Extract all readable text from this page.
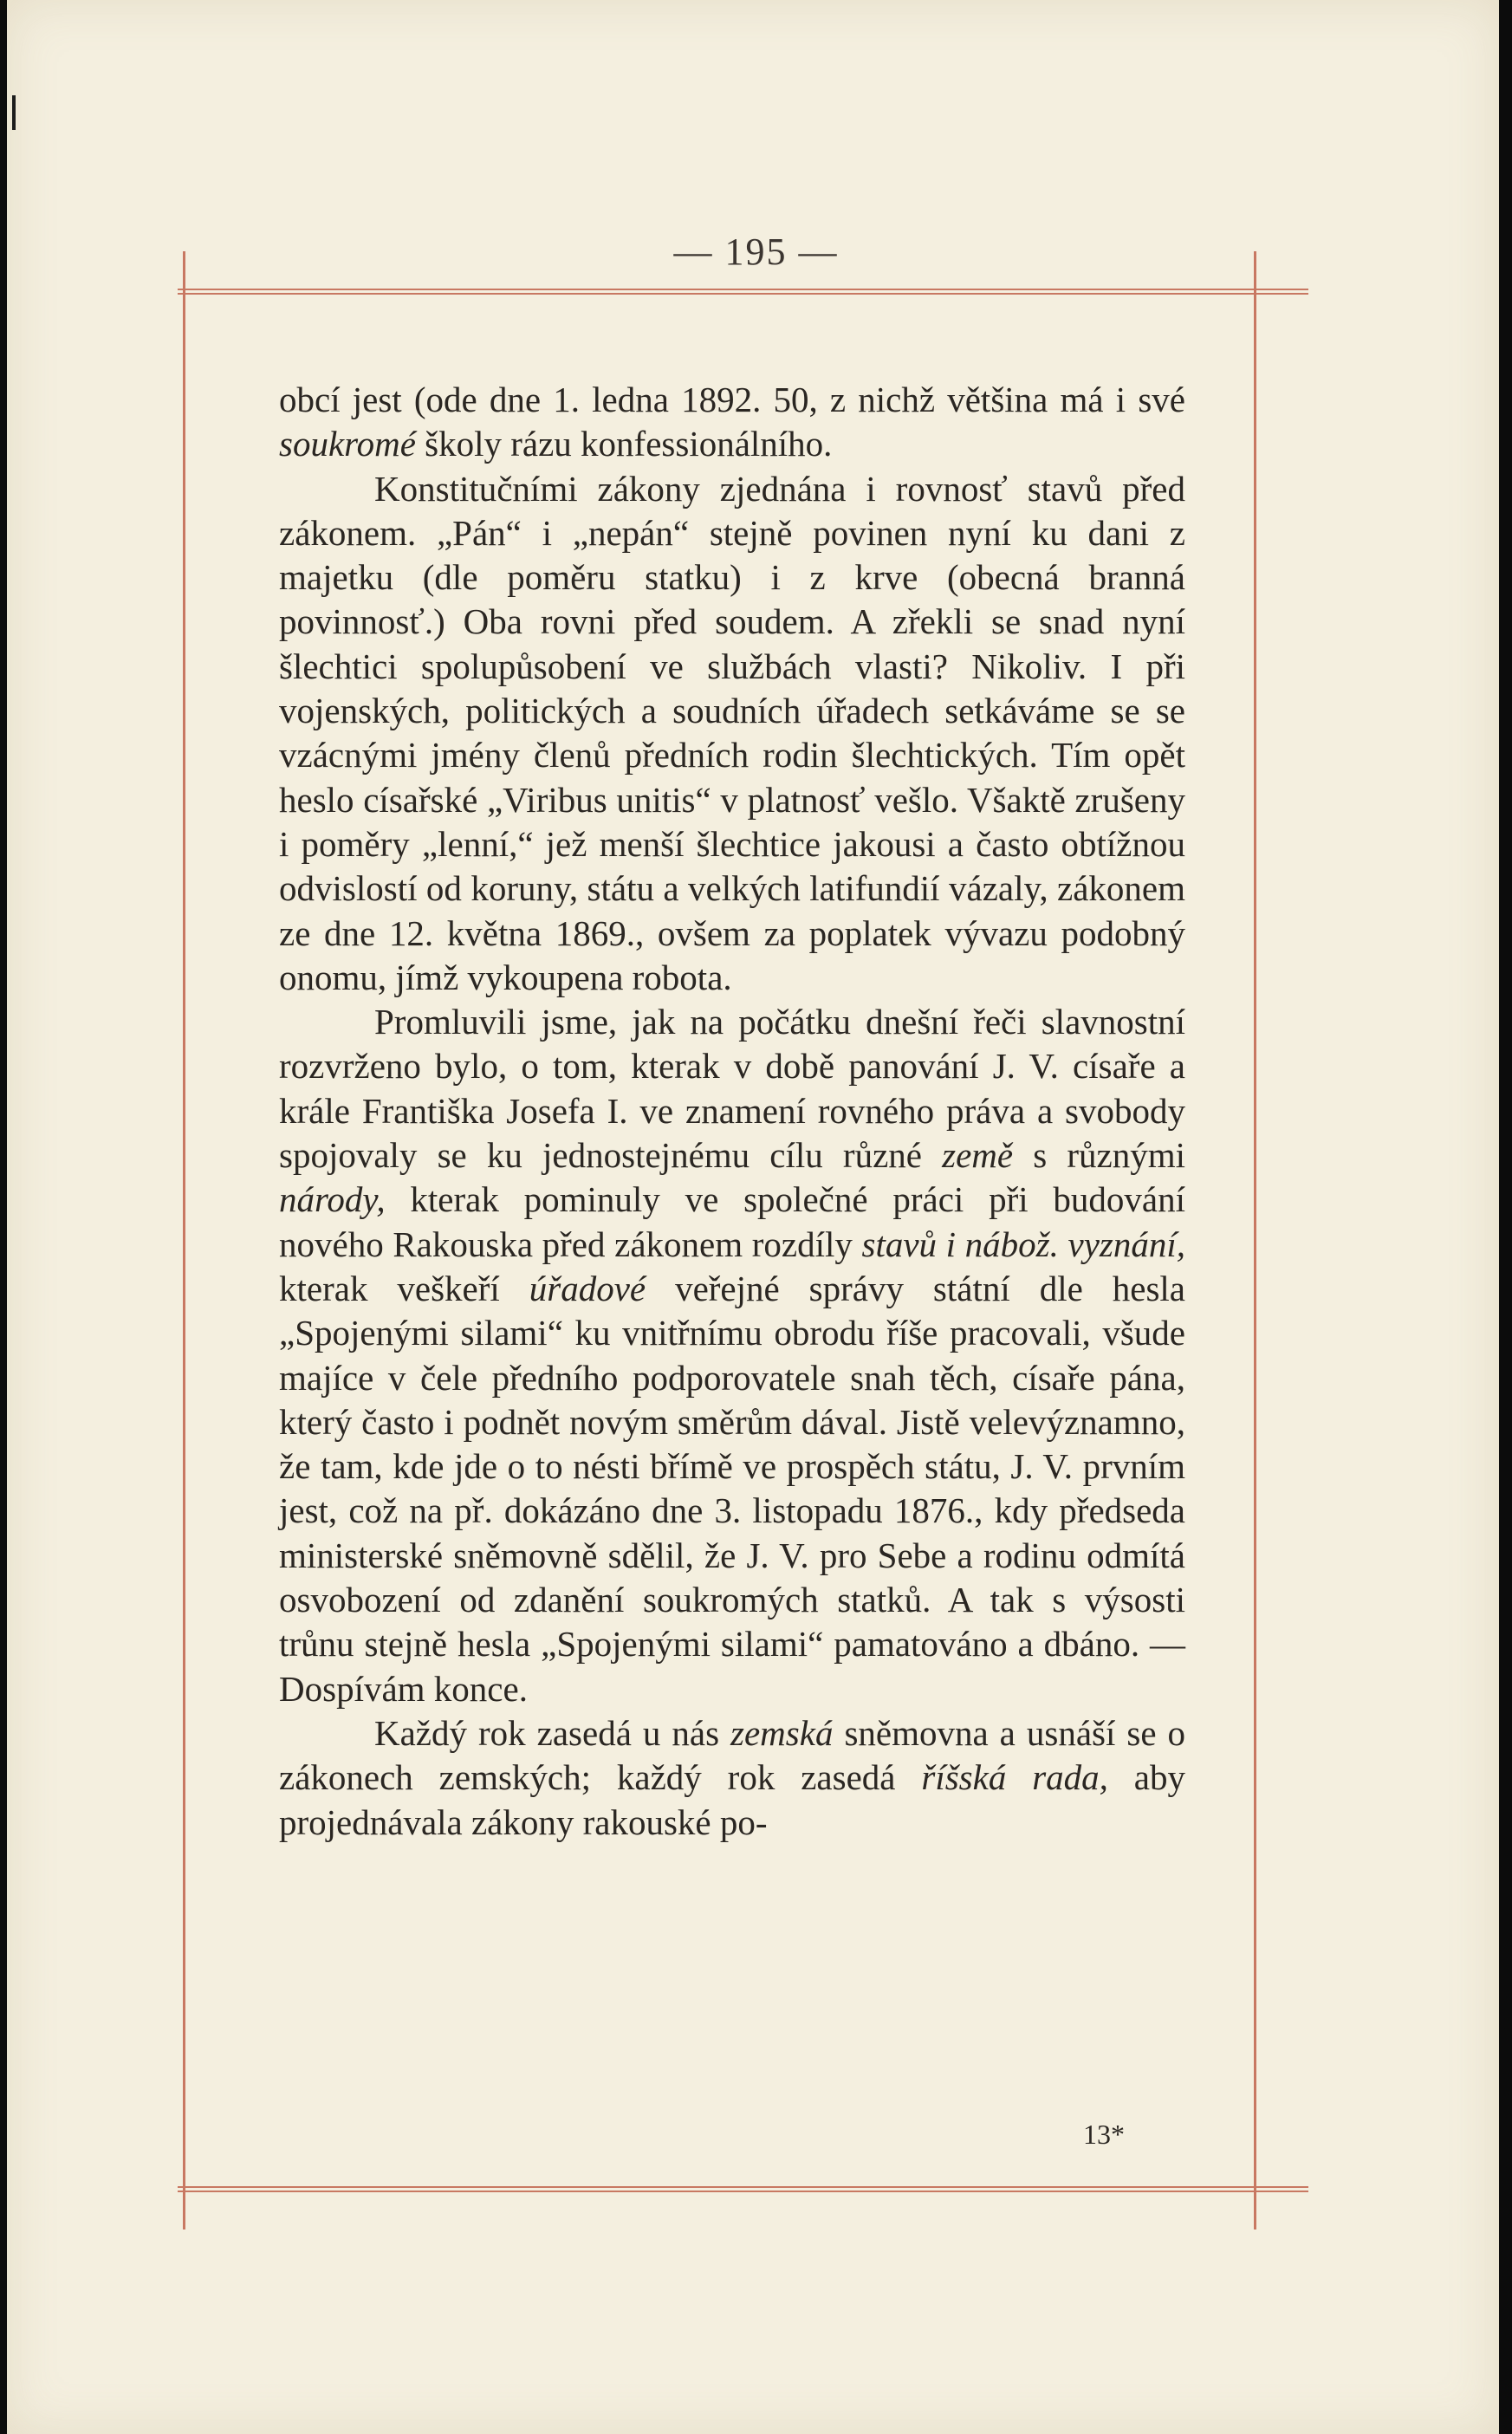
— 195 —

obcí jest (ode dne 1. ledna 1892. 50, z nichž většina má i své soukromé školy rázu konfessionálního.

Konstitučními zákony zjednána i rovnosť stavů před zákonem. „Pán“ i „nepán“ stejně povinen nyní ku dani z majetku (dle poměru statku) i z krve (obecná branná povinnosť.) Oba rovni před soudem. A zřekli se snad nyní šlechtici spolupůsobení ve službách vlasti? Nikoliv. I při vojenských, politických a soudních úřadech setkáváme se se vzácnými jmény členů předních rodin šlechtických. Tím opět heslo císařské „Viribus unitis“ v platnosť vešlo. Všaktě zrušeny i poměry „lenní,“ jež menší šlechtice jakousi a často obtížnou odvislostí od koruny, státu a velkých latifundií vázaly, zákonem ze dne 12. května 1869., ovšem za poplatek vývazu podobný onomu, jímž vykoupena robota.

Promluvili jsme, jak na počátku dnešní řeči slavnostní rozvrženo bylo, o tom, kterak v době panování J. V. císaře a krále Františka Josefa I. ve znamení rovného práva a svobody spojovaly se ku jednostejnému cílu různé země s různými národy, kterak pominuly ve společné práci při budování nového Rakouska před zákonem rozdíly stavů i nábož. vyznání, kterak veškeří úřadové veřejné správy státní dle hesla „Spojenými silami“ ku vnitřnímu obrodu říše pracovali, všude majíce v čele předního podporovatele snah těch, císaře pána, který často i podnět novým směrům dával. Jistě velevýznamno, že tam, kde jde o to nésti břímě ve prospěch státu, J. V. prvním jest, což na př. dokázáno dne 3. listopadu 1876., kdy předseda ministerské sněmovně sdělil, že J. V. pro Sebe a rodinu odmítá osvobození od zdanění soukromých statků. A tak s výsosti trůnu stejně hesla „Spojenými silami“ pamatováno a dbáno. — Dospívám konce.

Každý rok zasedá u nás zemská sněmovna a usnáší se o zákonech zemských; každý rok zasedá říšská rada, aby projednávala zákony rakouské po-

13*
